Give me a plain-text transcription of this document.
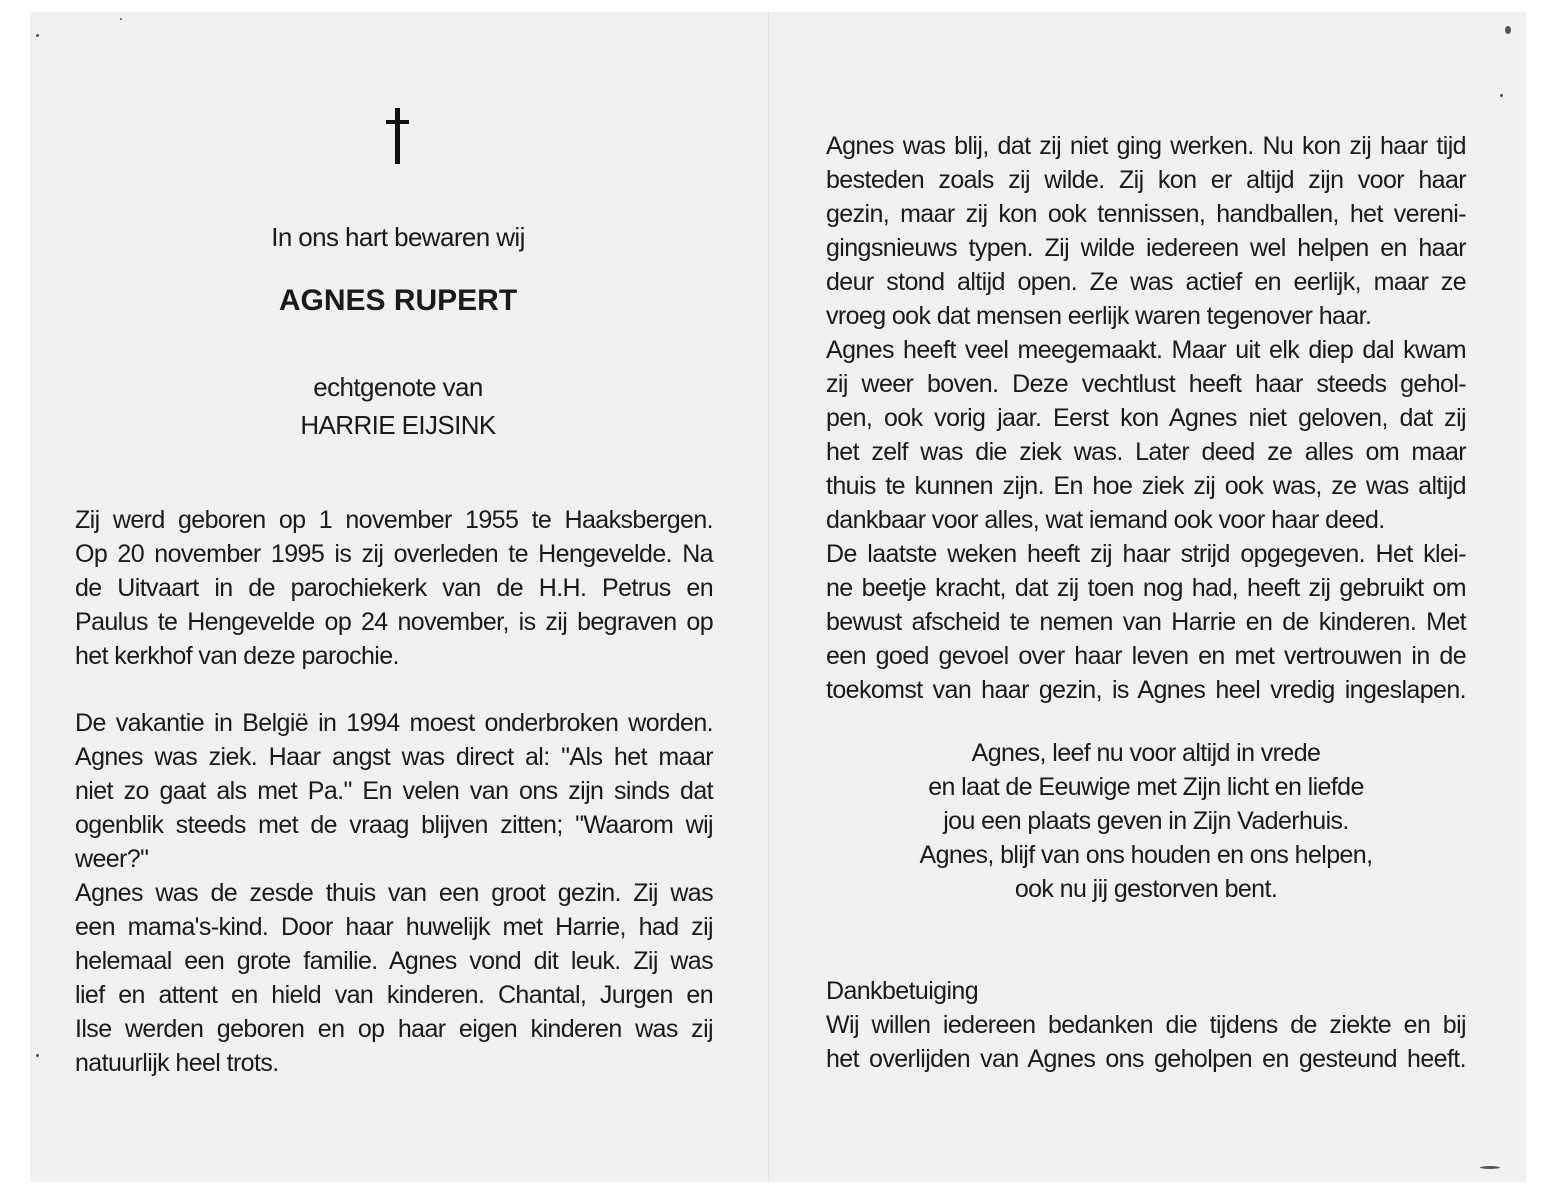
In ons hart bewaren wij
AGNES RUPERT
echtgenote van
HARRIE EIJSINK
Zij werd geboren op 1 november 1955 te Haaksbergen.
Op 20 november 1995 is zij overleden te Hengevelde. Na
de Uitvaart in de parochiekerk van de H.H. Petrus en
Paulus te Hengevelde op 24 november, is zij begraven op
het kerkhof van deze parochie.
De vakantie in België in 1994 moest onderbroken worden.
Agnes was ziek. Haar angst was direct al: "Als het maar
niet zo gaat als met Pa." En velen van ons zijn sinds dat
ogenblik steeds met de vraag blijven zitten; "Waarom wij
weer?"
Agnes was de zesde thuis van een groot gezin. Zij was
een mama's-kind. Door haar huwelijk met Harrie, had zij
helemaal een grote familie. Agnes vond dit leuk. Zij was
lief en attent en hield van kinderen. Chantal, Jurgen en
Ilse werden geboren en op haar eigen kinderen was zij
natuurlijk heel trots.
Agnes was blij, dat zij niet ging werken. Nu kon zij haar tijd
besteden zoals zij wilde. Zij kon er altijd zijn voor haar
gezin, maar zij kon ook tennissen, handballen, het vereni-
gingsnieuws typen. Zij wilde iedereen wel helpen en haar
deur stond altijd open. Ze was actief en eerlijk, maar ze
vroeg ook dat mensen eerlijk waren tegenover haar.
Agnes heeft veel meegemaakt. Maar uit elk diep dal kwam
zij weer boven. Deze vechtlust heeft haar steeds gehol-
pen, ook vorig jaar. Eerst kon Agnes niet geloven, dat zij
het zelf was die ziek was. Later deed ze alles om maar
thuis te kunnen zijn. En hoe ziek zij ook was, ze was altijd
dankbaar voor alles, wat iemand ook voor haar deed.
De laatste weken heeft zij haar strijd opgegeven. Het klei-
ne beetje kracht, dat zij toen nog had, heeft zij gebruikt om
bewust afscheid te nemen van Harrie en de kinderen. Met
een goed gevoel over haar leven en met vertrouwen in de
toekomst van haar gezin, is Agnes heel vredig ingeslapen.
Agnes, leef nu voor altijd in vrede
en laat de Eeuwige met Zijn licht en liefde
jou een plaats geven in Zijn Vaderhuis.
Agnes, blijf van ons houden en ons helpen,
ook nu jij gestorven bent.
Dankbetuiging
Wij willen iedereen bedanken die tijdens de ziekte en bij
het overlijden van Agnes ons geholpen en gesteund heeft.
